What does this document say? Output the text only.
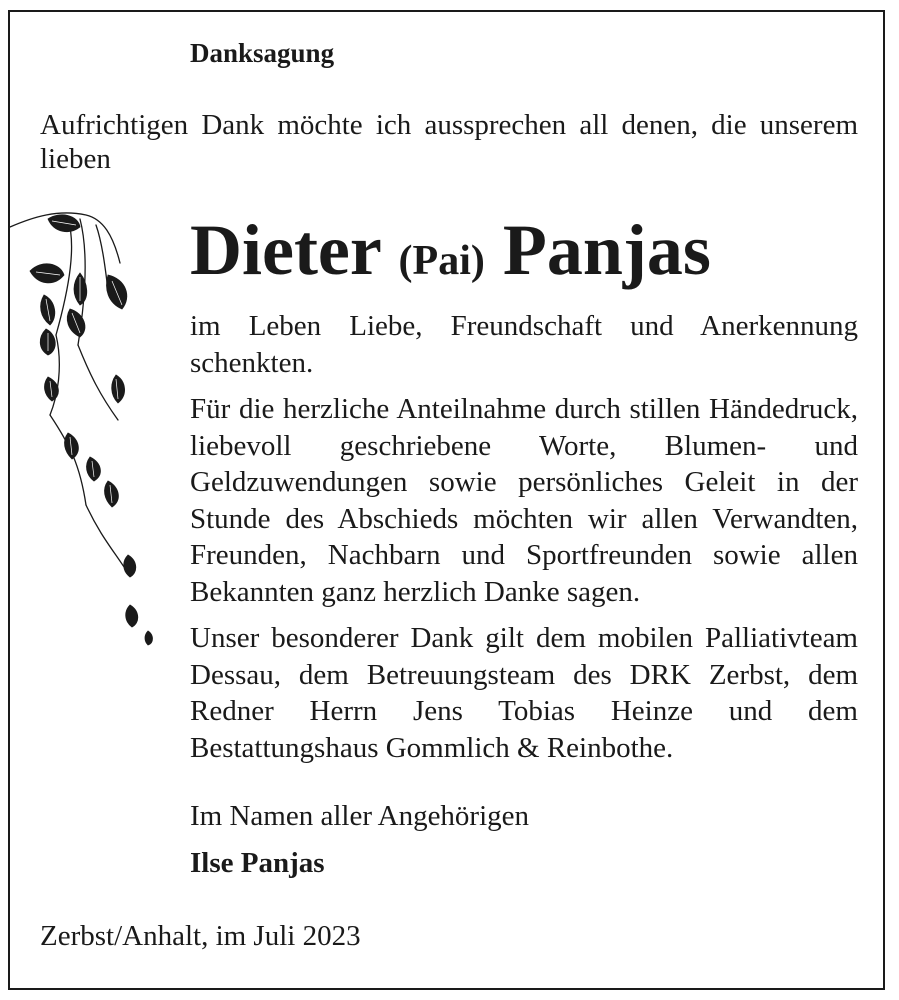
Danksagung

Aufrichtigen Dank möchte ich aussprechen all denen, die unserem lieben

Dieter (Pai) Panjas

im Leben Liebe, Freundschaft und Anerkennung schenkten.

Für die herzliche Anteilnahme durch stillen Händedruck, liebevoll geschriebene Worte, Blumen- und Geldzuwendungen sowie persönliches Geleit in der Stunde des Abschieds möchten wir allen Verwandten, Freunden, Nachbarn und Sportfreunden sowie allen Bekannten ganz herzlich Danke sagen.

Unser besonderer Dank gilt dem mobilen Palliativteam Dessau, dem Betreuungsteam des DRK Zerbst, dem Redner Herrn Jens Tobias Heinze und dem Bestattungshaus Gommlich & Reinbothe.

Im Namen aller Angehörigen

Ilse Panjas

Zerbst/Anhalt, im Juli 2023
